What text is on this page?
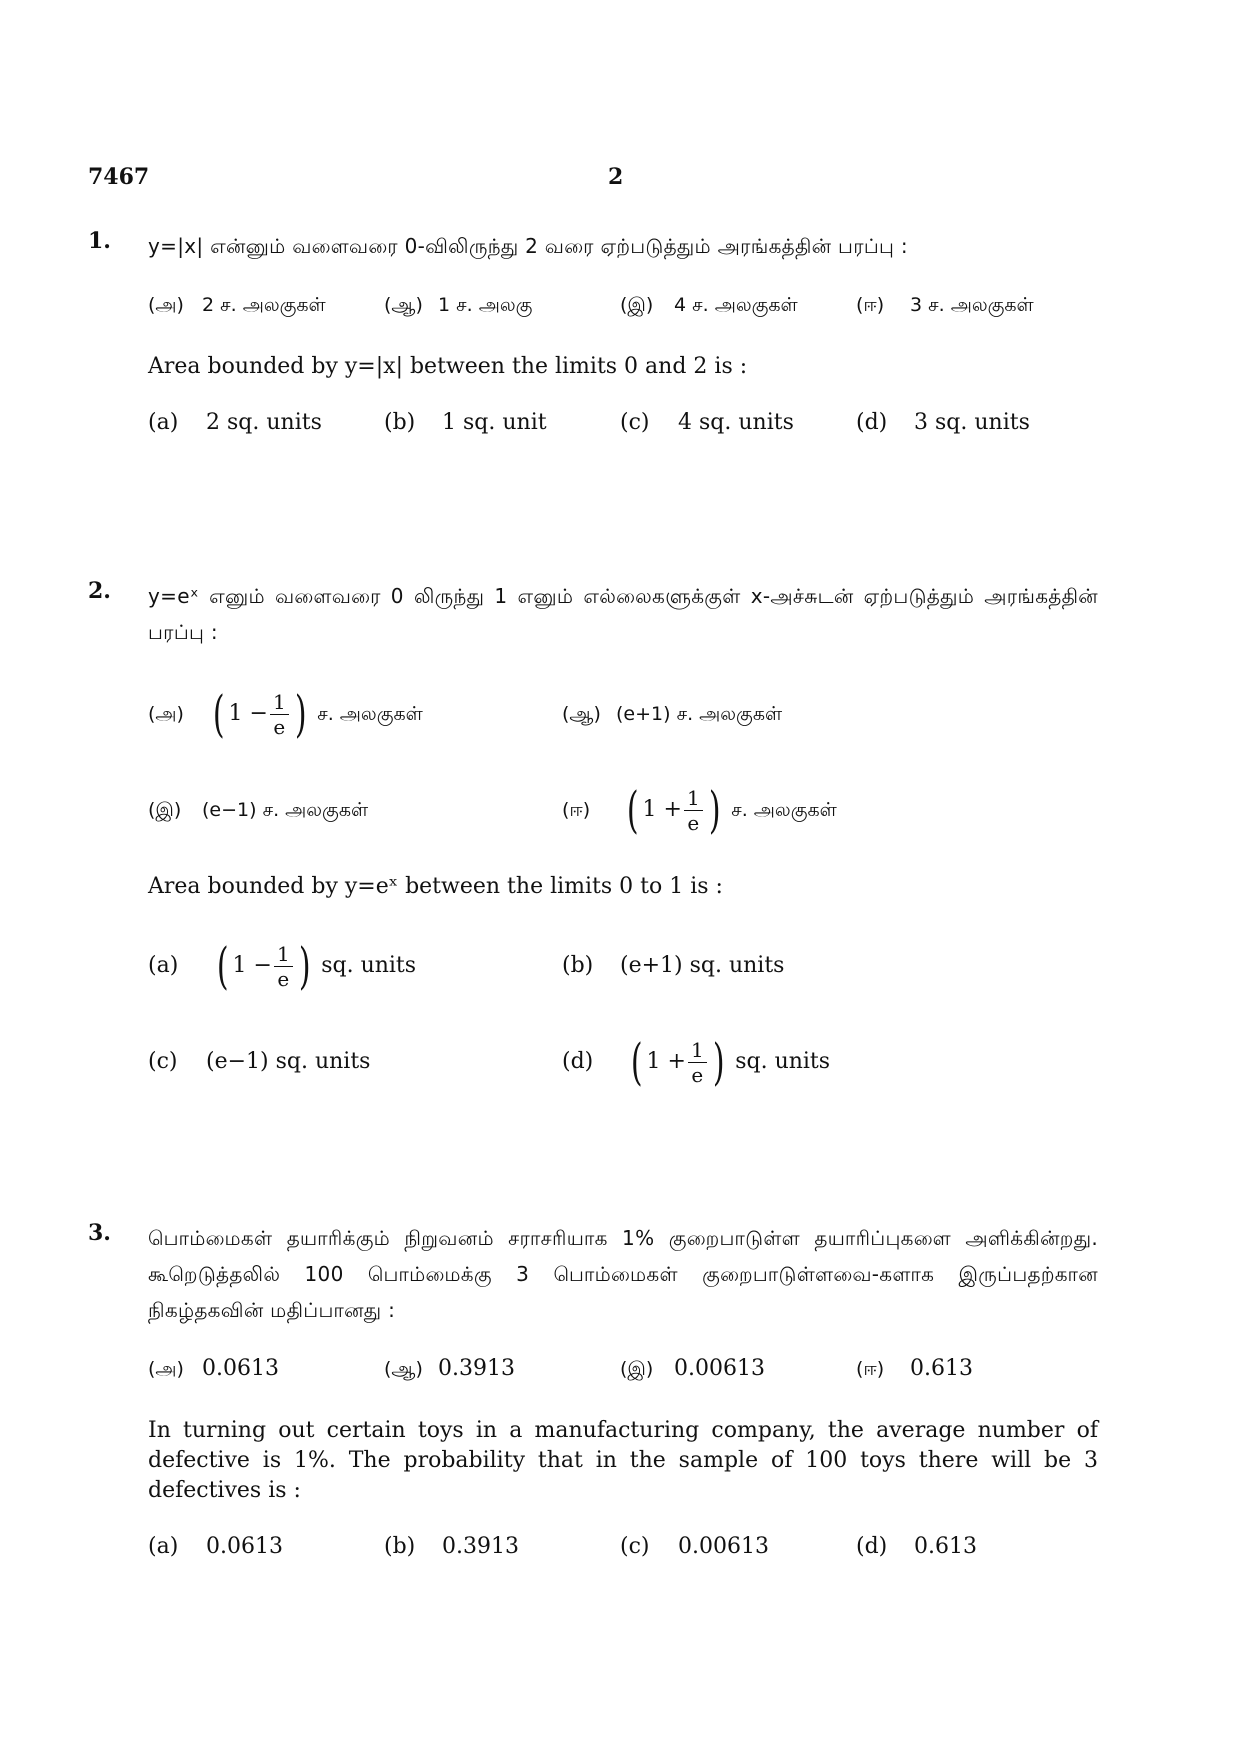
7467	2
1. y=|x| என்னும் வளைவரை 0-விலிருந்து 2 வரை ஏற்படுத்தும் அரங்கத்தின் பரப்பு :
(அ) 2 ச. அலகுகள்	(ஆ) 1 ச. அலகு	(இ) 4 ச. அலகுகள்	(ஈ) 3 ச. அலகுகள்
Area bounded by y=|x| between the limits 0 and 2 is :
(a) 2 sq. units	(b) 1 sq. unit	(c) 4 sq. units	(d) 3 sq. units
2. y=eˣ எனும் வளைவரை 0 லிருந்து 1 எனும் எல்லைகளுக்குள் x-அச்சுடன் ஏற்படுத்தும் அரங்கத்தின் பரப்பு :
(அ) ( $1 - \frac{1}{e}$ ) ச. அலகுகள்	(ஆ) (e+1) ச. அலகுகள்
(இ) (e−1) ச. அலகுகள்	(ஈ) ( $1 + \frac{1}{e}$ ) ச. அலகுகள்
Area bounded by y=eˣ between the limits 0 to 1 is :
(a) ( $1 - \frac{1}{e}$ ) sq. units	(b) (e+1) sq. units
(c) (e−1) sq. units	(d) ( $1 + \frac{1}{e}$ ) sq. units
3. பொம்மைகள் தயாரிக்கும் நிறுவனம் சராசரியாக 1% குறைபாடுள்ள தயாரிப்புகளை அளிக்கின்றது. கூறெடுத்தலில் 100 பொம்மைக்கு 3 பொம்மைகள் குறைபாடுள்ளவை-களாக இருப்பதற்கான நிகழ்தகவின் மதிப்பானது :
(அ) 0.0613	(ஆ) 0.3913	(இ) 0.00613	(ஈ) 0.613
In turning out certain toys in a manufacturing company, the average number of defective is 1%. The probability that in the sample of 100 toys there will be 3 defectives is :
(a) 0.0613	(b) 0.3913	(c) 0.00613	(d) 0.613
